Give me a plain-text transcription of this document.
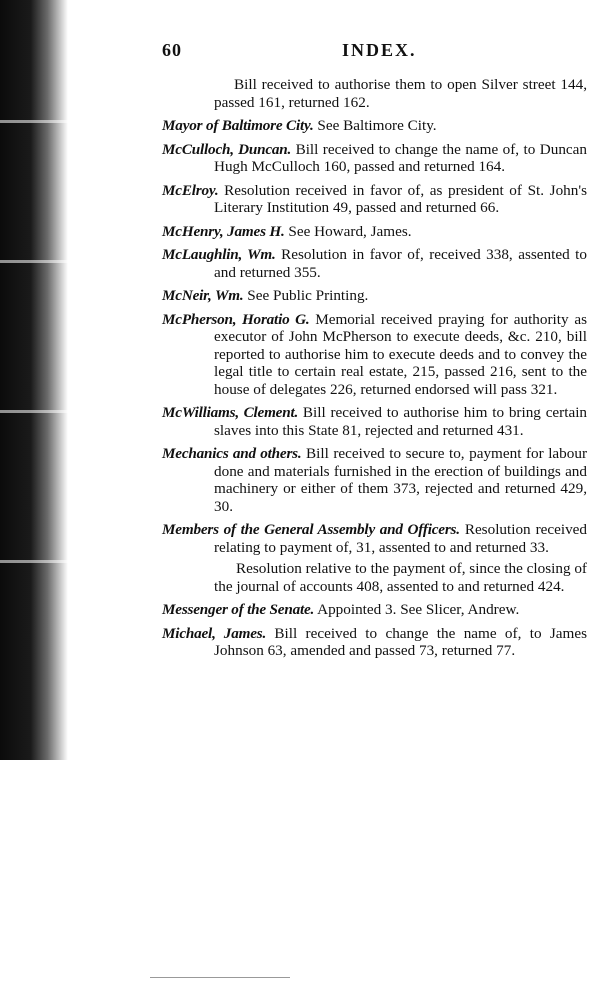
60	INDEX.

Bill received to authorise them to open Silver street 144, passed 161, returned 162.

Mayor of Baltimore City. See Baltimore City.

McCulloch, Duncan. Bill received to change the name of, to Duncan Hugh McCulloch 160, passed and returned 164.

McElroy. Resolution received in favor of, as president of St. John's Literary Institution 49, passed and returned 66.

McHenry, James H. See Howard, James.

McLaughlin, Wm. Resolution in favor of, received 338, assented to and returned 355.

McNeir, Wm. See Public Printing.

McPherson, Horatio G. Memorial received praying for authority as executor of John McPherson to execute deeds, &c. 210, bill reported to authorise him to execute deeds and to convey the legal title to certain real estate, 215, passed 216, sent to the house of delegates 226, returned endorsed will pass 321.

McWilliams, Clement. Bill received to authorise him to bring certain slaves into this State 81, rejected and returned 431.

Mechanics and others. Bill received to secure to, payment for labour done and materials furnished in the erection of buildings and machinery or either of them 373, rejected and returned 429, 30.

Members of the General Assembly and Officers. Resolution received relating to payment of, 31, assented to and returned 33.

Resolution relative to the payment of, since the closing of the journal of accounts 408, assented to and returned 424.

Messenger of the Senate. Appointed 3. See Slicer, Andrew.

Michael, James. Bill received to change the name of, to James Johnson 63, amended and passed 73, returned 77.
